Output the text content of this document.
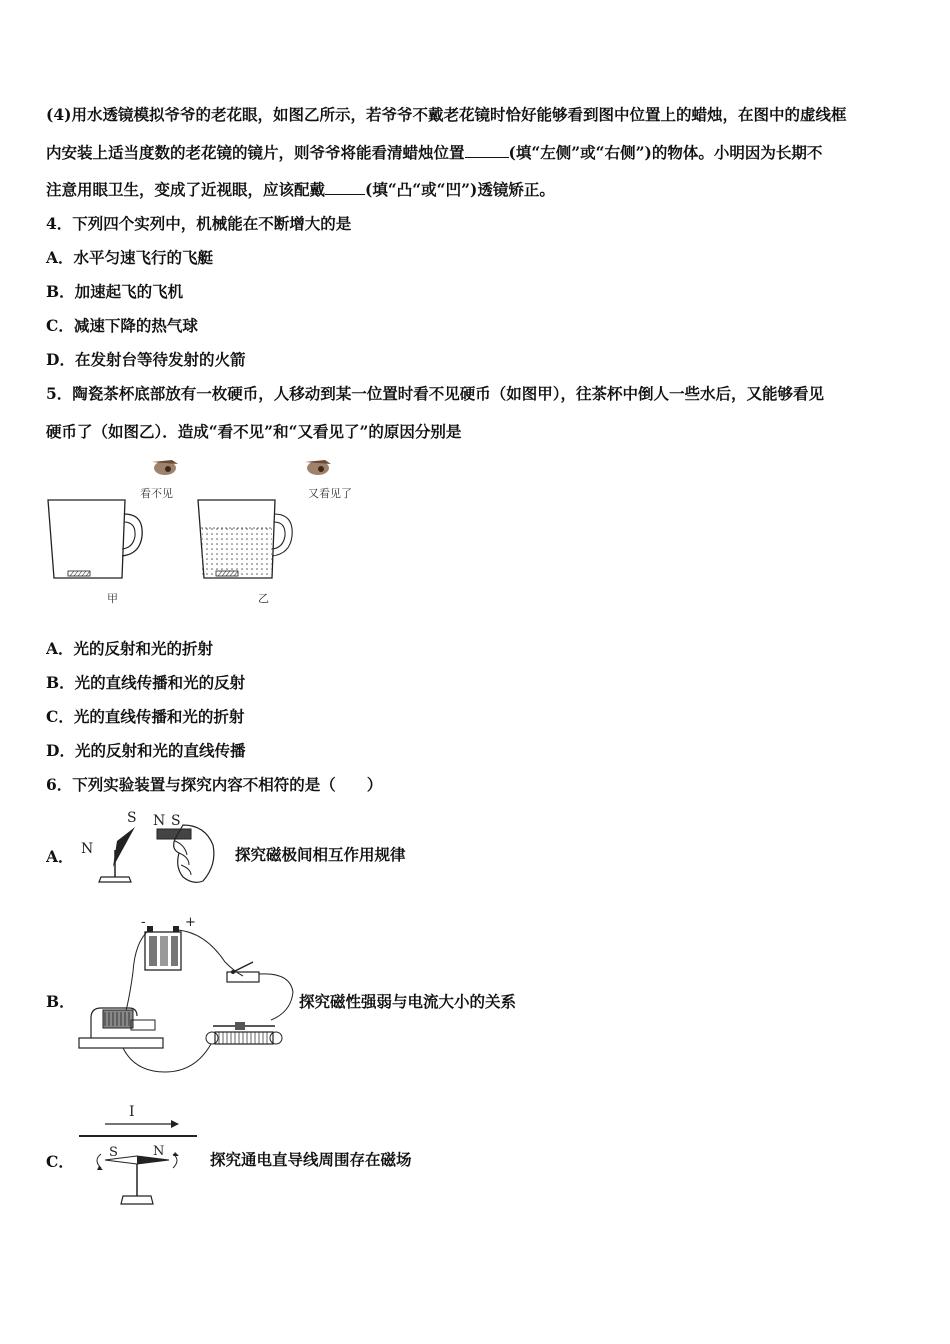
(4)用水透镜模拟爷爷的老花眼，如图乙所示，若爷爷不戴老花镜时恰好能够看到图中位置上的蜡烛，在图中的虚线框
内安装上适当度数的老花镜的镜片，则爷爷将能看清蜡烛位置	(填“左侧”或“右侧”)的物体。小明因为长期不
注意用眼卫生，变成了近视眼，应该配戴	(填“凸“或“凹”)透镜矫正。
4．下列四个实列中，机械能在不断增大的是
A．水平匀速飞行的飞艇
B．加速起飞的飞机
C．减速下降的热气球
D．在发射台等待发射的火箭
5．陶瓷茶杯底部放有一枚硬币，人移动到某一位置时看不见硬币（如图甲），往茶杯中倒人一些水后，又能够看见
硬币了（如图乙）．造成“看不见”和“又看见了”的原因分别是
看不见
甲
又看见了
乙
A．光的反射和光的折射
B．光的直线传播和光的反射
C．光的直线传播和光的折射
D．光的反射和光的直线传播
6．下列实验装置与探究内容不相符的是（　　）
A．
S
N
N S
探究磁极间相互作用规律
B．
-	+
探究磁性强弱与电流大小的关系
C．
I
S	N	探究通电直导线周围存在磁场
